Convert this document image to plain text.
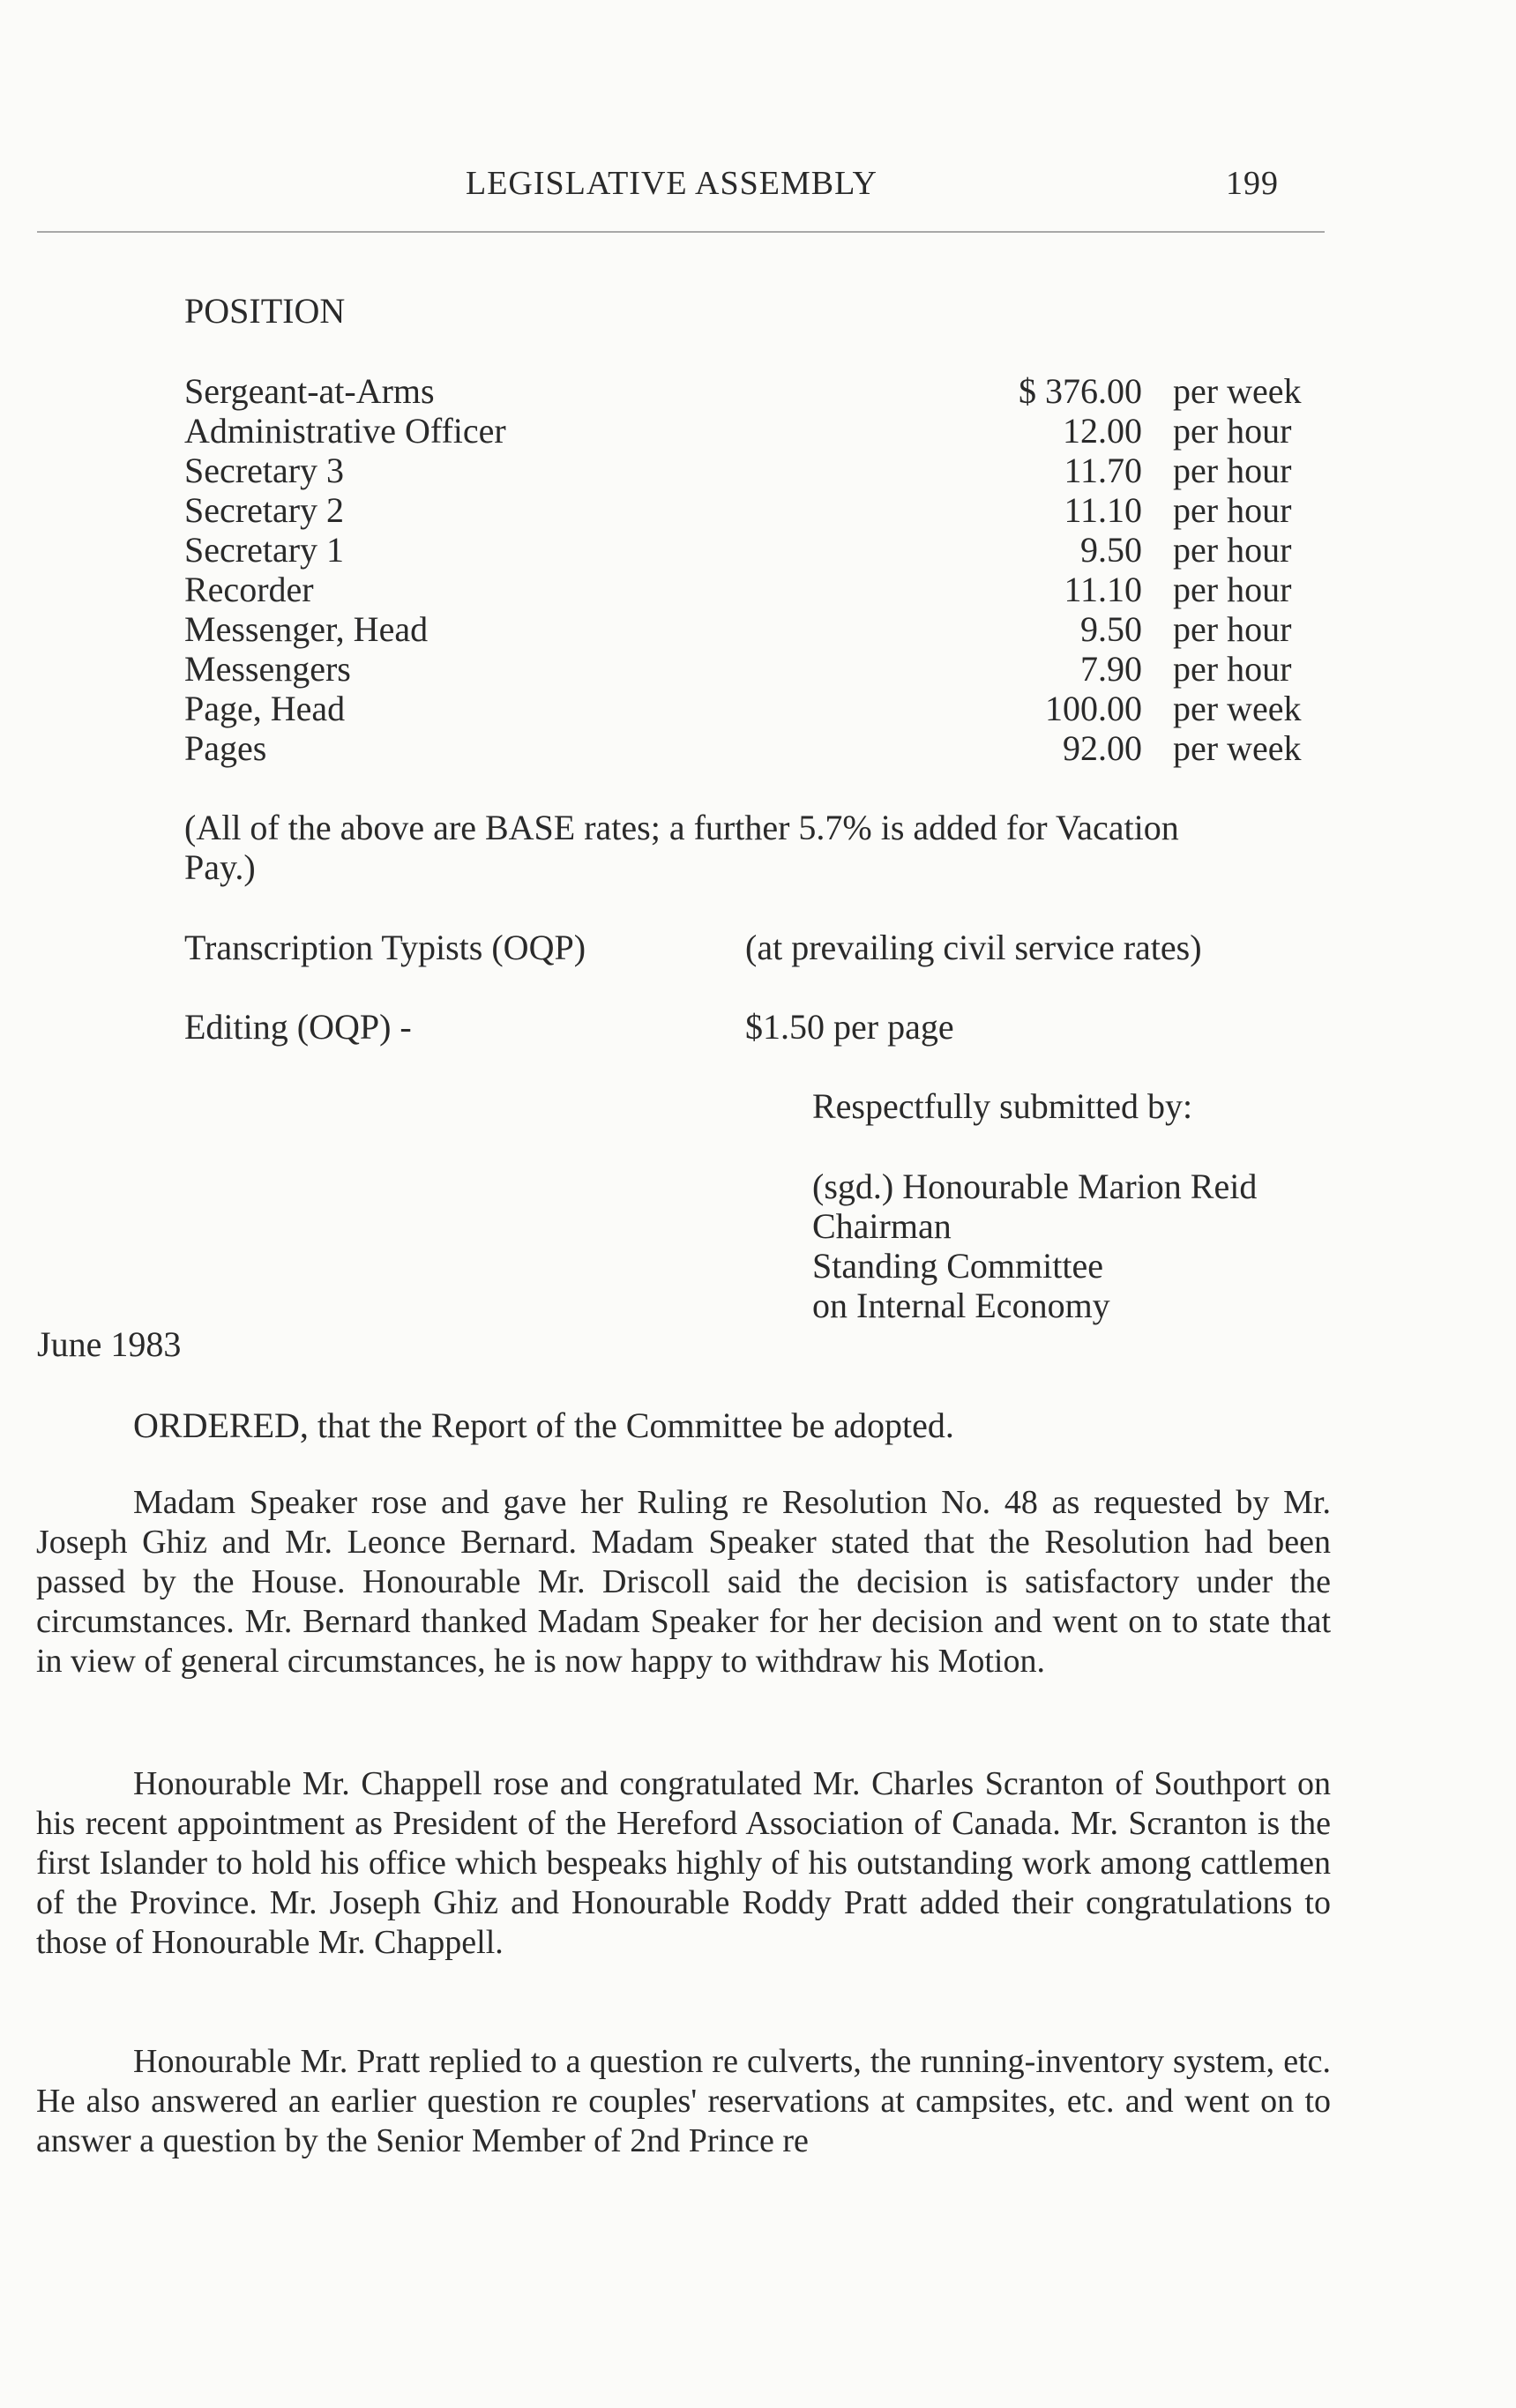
LEGISLATIVE ASSEMBLY	199
POSITION
Sergeant-at-Arms	$ 376.00 per week
Administrative Officer	12.00 per hour
Secretary 3	11.70 per hour
Secretary 2	11.10 per hour
Secretary 1	9.50 per hour
Recorder	11.10 per hour
Messenger, Head	9.50 per hour
Messengers	7.90 per hour
Page, Head	100.00 per week
Pages	92.00 per week
(All of the above are BASE rates; a further 5.7% is added for Vacation
Pay.)
Transcription Typists (OQP)	(at prevailing civil service rates)
Editing (OQP) -	$1.50 per page
Respectfully submitted by:
(sgd.) Honourable Marion Reid
Chairman
Standing Committee
on Internal Economy
June 1983
ORDERED, that the Report of the Committee be adopted.

Madam Speaker rose and gave her Ruling re Resolution No. 48 as requested by Mr. Joseph Ghiz and Mr. Leonce Bernard. Madam Speaker stated that the Resolution had been passed by the House. Honourable Mr. Driscoll said the decision is satisfactory under the circumstances. Mr. Bernard thanked Madam Speaker for her decision and went on to state that in view of general circumstances, he is now happy to withdraw his Motion.

Honourable Mr. Chappell rose and congratulated Mr. Charles Scranton of Southport on his recent appointment as President of the Hereford Association of Canada. Mr. Scranton is the first Islander to hold his office which bespeaks highly of his outstanding work among cattlemen of the Province. Mr. Joseph Ghiz and Honourable Roddy Pratt added their congratulations to those of Honourable Mr. Chappell.

Honourable Mr. Pratt replied to a question re culverts, the running-inventory system, etc. He also answered an earlier question re couples' reservations at campsites, etc. and went on to answer a question by the Senior Member of 2nd Prince re
